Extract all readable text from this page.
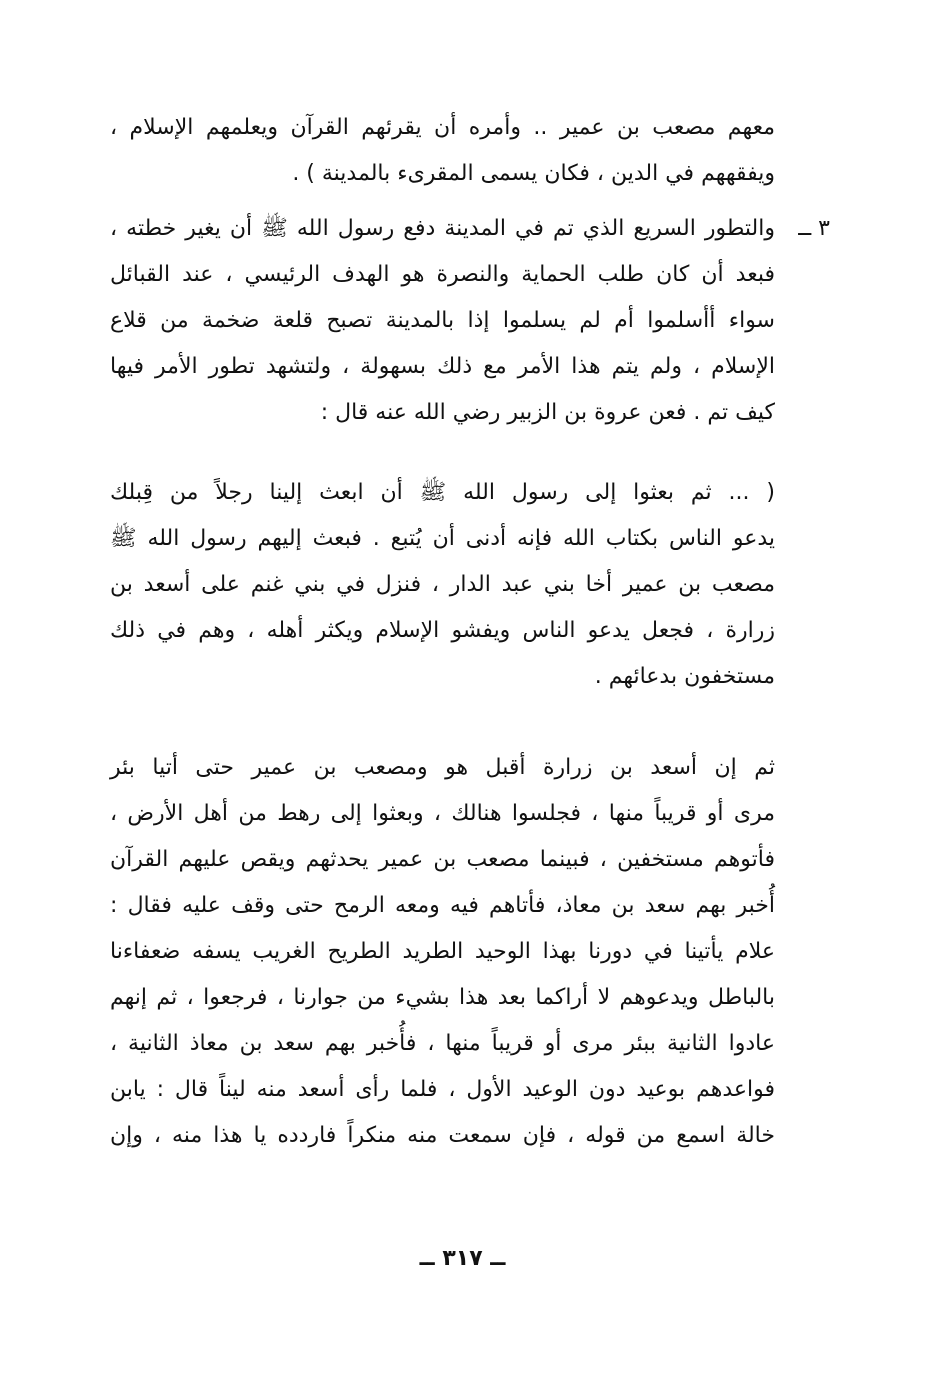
معهم مصعب بن عمير .. وأمره أن يقرئهم القرآن ويعلمهم الإسلام ،
ويفقههم في الدين ، فكان يسمى المقرىء بالمدينة ) .
٣ ــ
والتطور السريع الذي تم في المدينة دفع رسول الله ﷺ أن يغير خطته ،
فبعد أن كان طلب الحماية والنصرة هو الهدف الرئيسي ، عند القبائل
سواء أأسلموا أم لم يسلموا إذا بالمدينة تصبح قلعة ضخمة من قلاع
الإسلام ، ولم يتم هذا الأمر مع ذلك بسهولة ، ولتشهد تطور الأمر فيها
كيف تم . فعن عروة بن الزبير رضي الله عنه قال :
( ... ثم بعثوا إلى رسول الله ﷺ أن ابعث إلينا رجلاً من قِبلك
يدعو الناس بكتاب الله فإنه أدنى أن يُتبع . فبعث إليهم رسول الله ﷺ
مصعب بن عمير أخا بني عبد الدار ، فنزل في بني غنم على أسعد بن
زرارة ، فجعل يدعو الناس ويفشو الإسلام ويكثر أهله ، وهم في ذلك
مستخفون بدعائهم .
ثم إن أسعد بن زرارة أقبل هو ومصعب بن عمير حتى أتيا بئر
مرى أو قريباً منها ، فجلسوا هنالك ، وبعثوا إلى رهط من أهل الأرض ،
فأتوهم مستخفين ، فبينما مصعب بن عمير يحدثهم ويقص عليهم القرآن
أُخبر بهم سعد بن معاذ، فأتاهم فيه ومعه الرمح حتى وقف عليه فقال :
علام يأتينا في دورنا بهذا الوحيد الطريد الطريح الغريب يسفه ضعفاءنا
بالباطل ويدعوهم لا أراكما بعد هذا بشيء من جوارنا ، فرجعوا ، ثم إنهم
عادوا الثانية ببئر مرى أو قريباً منها ، فأُخبر بهم سعد بن معاذ الثانية ،
فواعدهم بوعيد دون الوعيد الأول ، فلما رأى أسعد منه ليناً قال : يابن
خالة اسمع من قوله ، فإن سمعت منه منكراً فاردده يا هذا منه ، وإن
ــ ٣١٧ ــ
